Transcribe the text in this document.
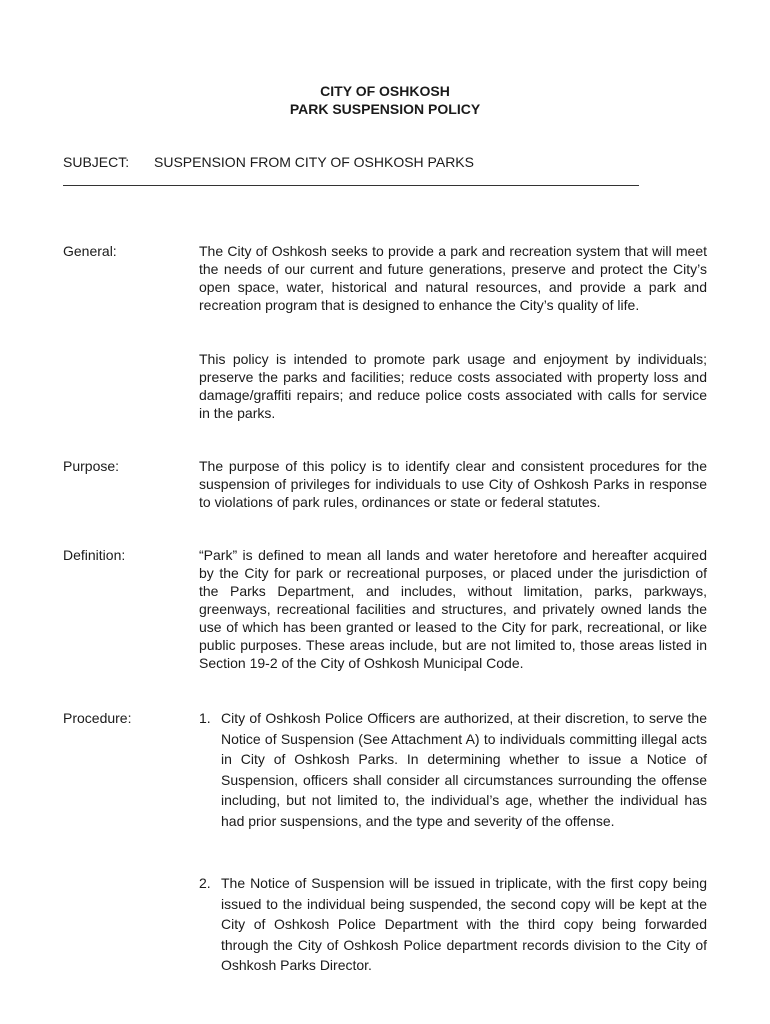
CITY OF OSHKOSH
PARK SUSPENSION POLICY
SUBJECT: SUSPENSION FROM CITY OF OSHKOSH PARKS
General:	The City of Oshkosh seeks to provide a park and recreation system that will meet the needs of our current and future generations, preserve and protect the City’s open space, water, historical and natural resources, and provide a park and recreation program that is designed to enhance the City’s quality of life.
This policy is intended to promote park usage and enjoyment by individuals; preserve the parks and facilities; reduce costs associated with property loss and damage/graffiti repairs; and reduce police costs associated with calls for service in the parks.
Purpose:	The purpose of this policy is to identify clear and consistent procedures for the suspension of privileges for individuals to use City of Oshkosh Parks in response to violations of park rules, ordinances or state or federal statutes.
Definition:	“Park” is defined to mean all lands and water heretofore and hereafter acquired by the City for park or recreational purposes, or placed under the jurisdiction of the Parks Department, and includes, without limitation, parks, parkways, greenways, recreational facilities and structures, and privately owned lands the use of which has been granted or leased to the City for park, recreational, or like public purposes. These areas include, but are not limited to, those areas listed in Section 19-2 of the City of Oshkosh Municipal Code.
Procedure:	1. City of Oshkosh Police Officers are authorized, at their discretion, to serve the Notice of Suspension (See Attachment A) to individuals committing illegal acts in City of Oshkosh Parks. In determining whether to issue a Notice of Suspension, officers shall consider all circumstances surrounding the offense including, but not limited to, the individual’s age, whether the individual has had prior suspensions, and the type and severity of the offense.
2. The Notice of Suspension will be issued in triplicate, with the first copy being issued to the individual being suspended, the second copy will be kept at the City of Oshkosh Police Department with the third copy being forwarded through the City of Oshkosh Police department records division to the City of Oshkosh Parks Director.
